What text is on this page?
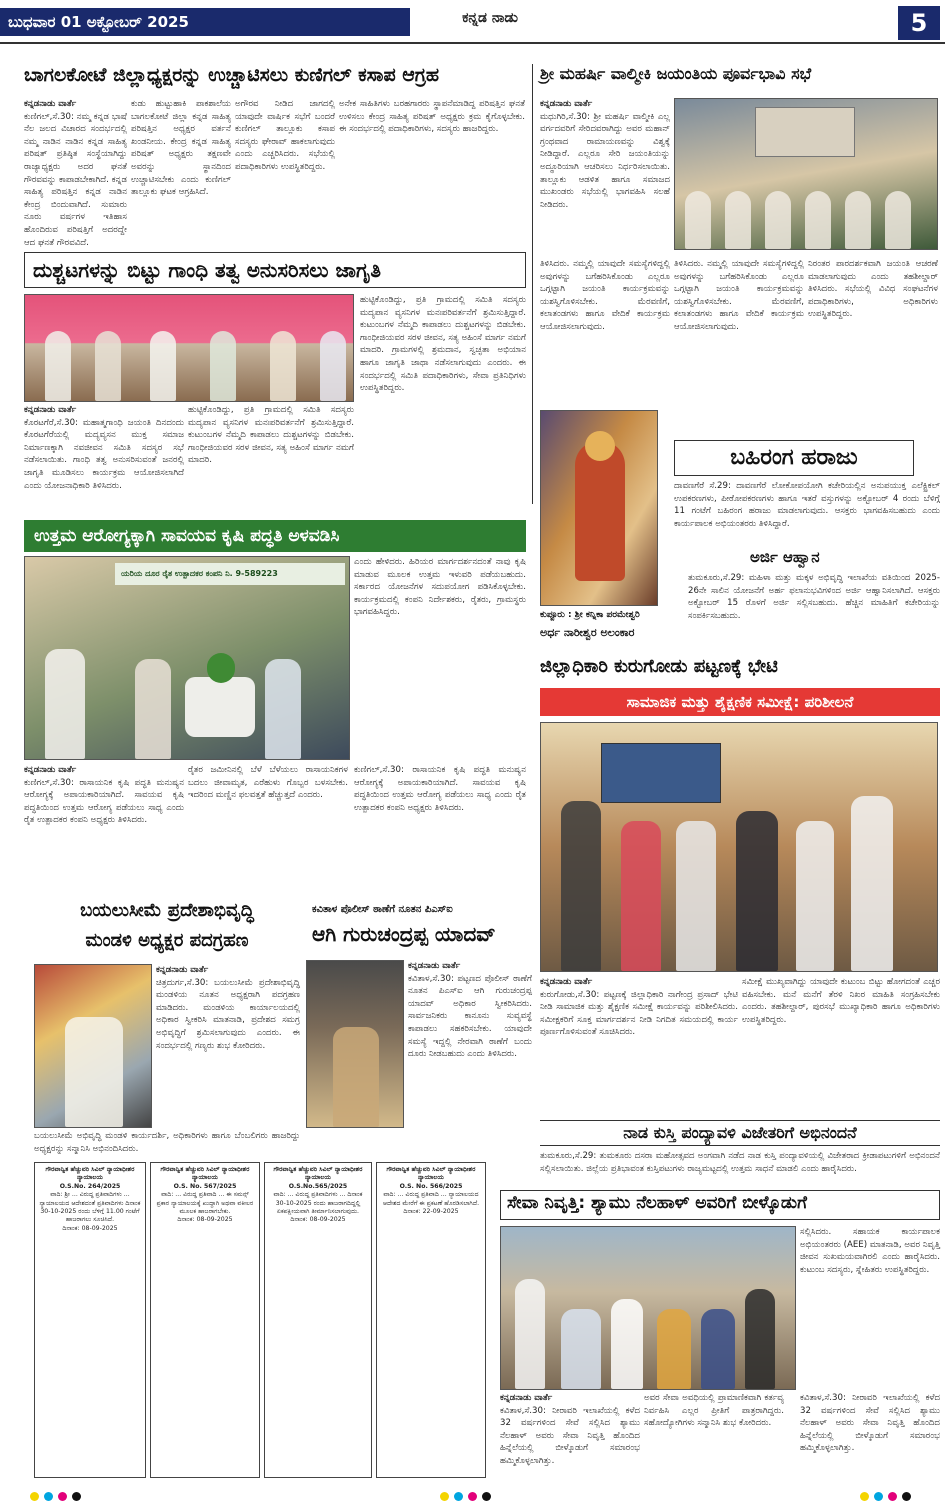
ಬುಧವಾರ 01 ಅಕ್ಟೋಬರ್ 2025	ಕನ್ನಡ ನಾಡು	5
ಬಾಗಲಕೋಟೆ ಜಿಲ್ಲಾಧ್ಯಕ್ಷರನ್ನು ಉಚ್ಚಾಟಿಸಲು ಕುಣಿಗಲ್ ಕಸಾಪ ಆಗ್ರಹ
ಕನ್ನಡನಾಡು ವಾರ್ತೆ
ಕುಣಿಗಲ್,ಸೆ.30: ನಮ್ಮ ಕನ್ನಡ ಭಾಷೆ ನೆಲ ಜಲದ ವಿಚಾರದ ಸಂದರ್ಭದಲ್ಲಿ ನಮ್ಮ ನಾಡಿನ ನಾಡಿನ ಕನ್ನಡ ಸಾಹಿತ್ಯ ಪರಿಷತ್ ಪ್ರತಿಷ್ಠಿತ ಸಂಸ್ಥೆಯಾಗಿದ್ದು ರಾಜ್ಯಾಧ್ಯಕ್ಷರು ಅದರ ಘನತೆ ಗೌರವವನ್ನು ಕಾಪಾಡಬೇಕಾಗಿದೆ. ಕನ್ನಡ ಸಾಹಿತ್ಯ ಪರಿಷತ್ತಿನ ಕನ್ನಡ ನಾಡಿನ ಕೇಂದ್ರ ಬಿಂದುವಾಗಿದೆ. ಸುಮಾರು ನೂರು ವರ್ಷಗಳ ಇತಿಹಾಸ ಹೊಂದಿರುವ ಪರಿಷತ್ತಿಗೆ ಅದರದ್ದೇ ಆದ ಘನತೆ ಗೌರವವಿದೆ.
ಕುಡು ಹುಟ್ಟುಹಾಕಿ ಪಾಕಶಾಲೆಯ ಬಾಗಲಕೋಟೆ ಜಿಲ್ಲಾ ಕನ್ನಡ ಸಾಹಿತ್ಯ ಪರಿಷತ್ತಿನ ಅಧ್ಯಕ್ಷರ ವರ್ತನೆ ಖಂಡನೀಯ. ಕೇಂದ್ರ ಕನ್ನಡ ಸಾಹಿತ್ಯ ಪರಿಷತ್ ಅಧ್ಯಕ್ಷರು ತಕ್ಷಣವೇ ಅವರನ್ನು ಸ್ಥಾನದಿಂದ ಉಚ್ಚಾಟಿಸಬೇಕು ಎಂದು ಕುಣಿಗಲ್ ತಾಲ್ಲೂಕು ಘಟಕ ಆಗ್ರಹಿಸಿದೆ.
ಅಗೌರವ ನೀಡಿದ ಜಾಗದಲ್ಲಿ ಯಾವುದೇ ವಾರ್ಷಿಕ ಸಭೆಗೆ ಬಂದರೆ ಕುಣಿಗಲ್ ತಾಲ್ಲೂಕು ಕಸಾಪ ಸದಸ್ಯರು ಘೇರಾವ್ ಹಾಕಲಾಗುವುದು ಎಂದು ಎಚ್ಚರಿಸಿದರು. ಸಭೆಯಲ್ಲಿ ಪದಾಧಿಕಾರಿಗಳು ಉಪಸ್ಥಿತರಿದ್ದರು.
ಅನೇಕ ಸಾಹಿತಿಗಳು ಬರಹಗಾರರು ಸ್ಥಾಪನೆಮಾಡಿದ್ದ ಪರಿಷತ್ತಿನ ಘನತೆ ಉಳಿಸಲು ಕೇಂದ್ರ ಸಾಹಿತ್ಯ ಪರಿಷತ್ ಅಧ್ಯಕ್ಷರು ಕ್ರಮ ಕೈಗೊಳ್ಳಬೇಕು. ಈ ಸಂದರ್ಭದಲ್ಲಿ ಪದಾಧಿಕಾರಿಗಳು, ಸದಸ್ಯರು ಹಾಜರಿದ್ದರು.
ಶ್ರೀ ಮಹರ್ಷಿ ವಾಲ್ಮೀಕಿ ಜಯಂತಿಯ ಪೂರ್ವಭಾವಿ ಸಭೆ
ಕನ್ನಡನಾಡು ವಾರ್ತೆ
ಮಧುಗಿರಿ,ಸೆ.30: ಶ್ರೀ ಮಹರ್ಷಿ ವಾಲ್ಮೀಕಿ ಎಲ್ಲ ವರ್ಗದವರಿಗೆ ಸೇರಿದವರಾಗಿದ್ದು ಅವರ ಮಹಾನ್ ಗ್ರಂಥವಾದ ರಾಮಾಯಣವನ್ನು ವಿಶ್ವಕ್ಕೆ ನೀಡಿದ್ದಾರೆ. ಎಲ್ಲರೂ ಸೇರಿ ಜಯಂತಿಯನ್ನು ಅದ್ಧೂರಿಯಾಗಿ ಆಚರಿಸಲು ನಿರ್ಧರಿಸಲಾಯಿತು. ತಾಲ್ಲೂಕು ಆಡಳಿತ ಹಾಗೂ ಸಮಾಜದ ಮುಖಂಡರು ಸಭೆಯಲ್ಲಿ ಭಾಗವಹಿಸಿ ಸಲಹೆ ನೀಡಿದರು.
ತಿಳಿಸಿದರು. ನಮ್ಮಲ್ಲಿ ಯಾವುದೇ ಸಮಸ್ಯೆಗಳಿದ್ದಲ್ಲಿ ಅವುಗಳನ್ನು ಬಗೆಹರಿಸಿಕೊಂಡು ಎಲ್ಲರೂ ಒಗ್ಗಟ್ಟಾಗಿ ಜಯಂತಿ ಕಾರ್ಯಕ್ರಮವನ್ನು ಯಶಸ್ವಿಗೊಳಿಸಬೇಕು. ಮೆರವಣಿಗೆ, ಕಲಾತಂಡಗಳು ಹಾಗೂ ವೇದಿಕೆ ಕಾರ್ಯಕ್ರಮ ಆಯೋಜಿಸಲಾಗುವುದು.
ತಿಳಿಸಿದರು. ನಮ್ಮಲ್ಲಿ ಯಾವುದೇ ಸಮಸ್ಯೆಗಳಿದ್ದಲ್ಲಿ ಅವುಗಳನ್ನು ಬಗೆಹರಿಸಿಕೊಂಡು ಎಲ್ಲರೂ ಒಗ್ಗಟ್ಟಾಗಿ ಜಯಂತಿ ಕಾರ್ಯಕ್ರಮವನ್ನು ಯಶಸ್ವಿಗೊಳಿಸಬೇಕು. ಮೆರವಣಿಗೆ, ಕಲಾತಂಡಗಳು ಹಾಗೂ ವೇದಿಕೆ ಕಾರ್ಯಕ್ರಮ ಆಯೋಜಿಸಲಾಗುವುದು.
ನಿರಂತರ ಪಾರದರ್ಶಕವಾಗಿ ಜಯಂತಿ ಆಚರಣೆ ಮಾಡಲಾಗುವುದು ಎಂದು ತಹಶೀಲ್ದಾರ್ ತಿಳಿಸಿದರು. ಸಭೆಯಲ್ಲಿ ವಿವಿಧ ಸಂಘಟನೆಗಳ ಪದಾಧಿಕಾರಿಗಳು, ಅಧಿಕಾರಿಗಳು ಉಪಸ್ಥಿತರಿದ್ದರು.
ದುಶ್ಚಟಗಳನ್ನು ಬಿಟ್ಟು ಗಾಂಧಿ ತತ್ವ ಅನುಸರಿಸಲು ಜಾಗೃತಿ
ಕನ್ನಡನಾಡು ವಾರ್ತೆ
ಕೊರಟಗೆರೆ,ಸೆ.30: ಮಹಾತ್ಮಗಾಂಧಿ ಜಯಂತಿ ದಿನದಂದು ಕೊರಟಗೆರೆಯಲ್ಲಿ ಮದ್ಯವ್ಯಸನ ಮುಕ್ತ ಸಮಾಜ ನಿರ್ಮಾಣಕ್ಕಾಗಿ ನವಜೀವನ ಸಮಿತಿ ಸದಸ್ಯರ ಸಭೆ ನಡೆಸಲಾಯಿತು. ಗಾಂಧಿ ತತ್ವ ಅನುಸರಿಸುವಂತೆ ಜನರಲ್ಲಿ ಜಾಗೃತಿ ಮೂಡಿಸಲು ಕಾರ್ಯಕ್ರಮ ಆಯೋಜಿಸಲಾಗಿದೆ ಎಂದು ಯೋಜನಾಧಿಕಾರಿ ತಿಳಿಸಿದರು.
ಹುಟ್ಟಿಕೊಂಡಿದ್ದು, ಪ್ರತಿ ಗ್ರಾಮದಲ್ಲಿ ಸಮಿತಿ ಸದಸ್ಯರು ಮದ್ಯಪಾನ ವ್ಯಸನಿಗಳ ಮನಃಪರಿವರ್ತನೆಗೆ ಶ್ರಮಿಸುತ್ತಿದ್ದಾರೆ. ಕುಟುಂಬಗಳ ನೆಮ್ಮದಿ ಕಾಪಾಡಲು ದುಶ್ಚಟಗಳನ್ನು ಬಿಡಬೇಕು. ಗಾಂಧೀಜಿಯವರ ಸರಳ ಜೀವನ, ಸತ್ಯ ಅಹಿಂಸೆ ಮಾರ್ಗ ನಮಗೆ ಮಾದರಿ.
ಹುಟ್ಟಿಕೊಂಡಿದ್ದು, ಪ್ರತಿ ಗ್ರಾಮದಲ್ಲಿ ಸಮಿತಿ ಸದಸ್ಯರು ಮದ್ಯಪಾನ ವ್ಯಸನಿಗಳ ಮನಃಪರಿವರ್ತನೆಗೆ ಶ್ರಮಿಸುತ್ತಿದ್ದಾರೆ. ಕುಟುಂಬಗಳ ನೆಮ್ಮದಿ ಕಾಪಾಡಲು ದುಶ್ಚಟಗಳನ್ನು ಬಿಡಬೇಕು. ಗಾಂಧೀಜಿಯವರ ಸರಳ ಜೀವನ, ಸತ್ಯ ಅಹಿಂಸೆ ಮಾರ್ಗ ನಮಗೆ ಮಾದರಿ. ಗ್ರಾಮಗಳಲ್ಲಿ ಶ್ರಮದಾನ, ಸ್ವಚ್ಛತಾ ಅಭಿಯಾನ ಹಾಗೂ ಜಾಗೃತಿ ಜಾಥಾ ನಡೆಸಲಾಗುವುದು ಎಂದರು. ಈ ಸಂದರ್ಭದಲ್ಲಿ ಸಮಿತಿ ಪದಾಧಿಕಾರಿಗಳು, ಸೇವಾ ಪ್ರತಿನಿಧಿಗಳು ಉಪಸ್ಥಿತರಿದ್ದರು.
ಉತ್ತಮ ಆರೋಗ್ಯಕ್ಕಾಗಿ ಸಾವಯವ ಕೃಷಿ ಪದ್ಧತಿ ಅಳವಡಿಸಿ
ಯರಿಯ ದೂರ ರೈತ ಉತ್ಪಾದಕರ ಕಂಪನಿ ನಿ. 9-589223
ಎಂದು ಹೇಳಿದರು. ಹಿರಿಯರ ಮಾರ್ಗದರ್ಶನದಂತೆ ನಾವು ಕೃಷಿ ಮಾಡುವ ಮೂಲಕ ಉತ್ತಮ ಇಳುವರಿ ಪಡೆಯಬಹುದು. ಸರ್ಕಾರದ ಯೋಜನೆಗಳ ಸದುಪಯೋಗ ಪಡಿಸಿಕೊಳ್ಳಬೇಕು. ಕಾರ್ಯಕ್ರಮದಲ್ಲಿ ಕಂಪನಿ ನಿರ್ದೇಶಕರು, ರೈತರು, ಗ್ರಾಮಸ್ಥರು ಭಾಗವಹಿಸಿದ್ದರು.
ಕನ್ನಡನಾಡು ವಾರ್ತೆ
ಕುಣಿಗಲ್,ಸೆ.30: ರಾಸಾಯನಿಕ ಕೃಷಿ ಪದ್ಧತಿ ಮನುಷ್ಯನ ಆರೋಗ್ಯಕ್ಕೆ ಅಪಾಯಕಾರಿಯಾಗಿದೆ. ಸಾವಯವ ಕೃಷಿ ಪದ್ಧತಿಯಿಂದ ಉತ್ತಮ ಆರೋಗ್ಯ ಪಡೆಯಲು ಸಾಧ್ಯ ಎಂದು ರೈತ ಉತ್ಪಾದಕರ ಕಂಪನಿ ಅಧ್ಯಕ್ಷರು ತಿಳಿಸಿದರು.
ರೈತರ ಜಮೀನಿನಲ್ಲಿ ಬೆಳೆ ಬೆಳೆಯಲು ರಾಸಾಯನಿಕಗಳ ಬದಲು ಜೀವಾಮೃತ, ಎರೆಹುಳು ಗೊಬ್ಬರ ಬಳಸಬೇಕು. ಇದರಿಂದ ಮಣ್ಣಿನ ಫಲವತ್ತತೆ ಹೆಚ್ಚುತ್ತದೆ ಎಂದರು.
ಕುಣಿಗಲ್,ಸೆ.30: ರಾಸಾಯನಿಕ ಕೃಷಿ ಪದ್ಧತಿ ಮನುಷ್ಯನ ಆರೋಗ್ಯಕ್ಕೆ ಅಪಾಯಕಾರಿಯಾಗಿದೆ. ಸಾವಯವ ಕೃಷಿ ಪದ್ಧತಿಯಿಂದ ಉತ್ತಮ ಆರೋಗ್ಯ ಪಡೆಯಲು ಸಾಧ್ಯ ಎಂದು ರೈತ ಉತ್ಪಾದಕರ ಕಂಪನಿ ಅಧ್ಯಕ್ಷರು ತಿಳಿಸಿದರು.
ಕುಪ್ಪೂರು : ಶ್ರೀ ಕನ್ನಿಕಾ ಪರಮೇಶ್ವರಿ
ಅರ್ಧ ನಾರೀಶ್ವರ ಅಲಂಕಾರ
ಬಹಿರಂಗ ಹರಾಜು
ದಾವಣಗೆರೆ ಸೆ.29: ದಾವಣಗೆರೆ ಲೋಕೋಪಯೋಗಿ ಕಚೇರಿಯಲ್ಲಿನ ಅನುಪಯುಕ್ತ ಎಲೆಕ್ಟ್ರಿಕಲ್ ಉಪಕರಣಗಳು, ಪೀಠೋಪಕರಣಗಳು ಹಾಗೂ ಇತರೆ ವಸ್ತುಗಳನ್ನು ಅಕ್ಟೋಬರ್ 4 ರಂದು ಬೆಳಿಗ್ಗೆ 11 ಗಂಟೆಗೆ ಬಹಿರಂಗ ಹರಾಜು ಮಾಡಲಾಗುವುದು. ಆಸಕ್ತರು ಭಾಗವಹಿಸಬಹುದು ಎಂದು ಕಾರ್ಯಪಾಲಕ ಅಭಿಯಂತರರು ತಿಳಿಸಿದ್ದಾರೆ.
ಅರ್ಜಿ ಆಹ್ವಾನ
ತುಮಕೂರು,ಸೆ.29: ಮಹಿಳಾ ಮತ್ತು ಮಕ್ಕಳ ಅಭಿವೃದ್ಧಿ ಇಲಾಖೆಯ ವತಿಯಿಂದ 2025-26ನೇ ಸಾಲಿನ ಯೋಜನೆಗೆ ಅರ್ಹ ಫಲಾನುಭವಿಗಳಿಂದ ಅರ್ಜಿ ಆಹ್ವಾನಿಸಲಾಗಿದೆ. ಆಸಕ್ತರು ಅಕ್ಟೋಬರ್ 15 ರೊಳಗೆ ಅರ್ಜಿ ಸಲ್ಲಿಸಬಹುದು. ಹೆಚ್ಚಿನ ಮಾಹಿತಿಗೆ ಕಚೇರಿಯನ್ನು ಸಂಪರ್ಕಿಸಬಹುದು.
ಜಿಲ್ಲಾಧಿಕಾರಿ ಕುರುಗೋಡು ಪಟ್ಟಣಕ್ಕೆ ಭೇಟಿ
ಸಾಮಾಜಿಕ ಮತ್ತು ಶೈಕ್ಷಣಿಕ ಸಮೀಕ್ಷೆ: ಪರಿಶೀಲನೆ
ಕನ್ನಡನಾಡು ವಾರ್ತೆ
ಕುರುಗೋಡು,ಸೆ.30: ಪಟ್ಟಣಕ್ಕೆ ಜಿಲ್ಲಾಧಿಕಾರಿ ನಾಗೇಂದ್ರ ಪ್ರಸಾದ್ ಭೇಟಿ ನೀಡಿ ಸಾಮಾಜಿಕ ಮತ್ತು ಶೈಕ್ಷಣಿಕ ಸಮೀಕ್ಷೆ ಕಾರ್ಯವನ್ನು ಪರಿಶೀಲಿಸಿದರು. ಸಮೀಕ್ಷಕರಿಗೆ ಸೂಕ್ತ ಮಾರ್ಗದರ್ಶನ ನೀಡಿ ನಿಗದಿತ ಸಮಯದಲ್ಲಿ ಕಾರ್ಯ ಪೂರ್ಣಗೊಳಿಸುವಂತೆ ಸೂಚಿಸಿದರು.
ಸಮೀಕ್ಷೆ ಮುಖ್ಯವಾಗಿದ್ದು ಯಾವುದೇ ಕುಟುಂಬ ಬಿಟ್ಟು ಹೋಗದಂತೆ ಎಚ್ಚರ ವಹಿಸಬೇಕು. ಮನೆ ಮನೆಗೆ ತೆರಳಿ ನಿಖರ ಮಾಹಿತಿ ಸಂಗ್ರಹಿಸಬೇಕು ಎಂದರು. ತಹಶೀಲ್ದಾರ್, ಪುರಸಭೆ ಮುಖ್ಯಾಧಿಕಾರಿ ಹಾಗೂ ಅಧಿಕಾರಿಗಳು ಉಪಸ್ಥಿತರಿದ್ದರು.
ಬಯಲುಸೀಮೆ ಪ್ರದೇಶಾಭಿವೃದ್ಧಿ
ಮಂಡಳಿ ಅಧ್ಯಕ್ಷರ ಪದಗ್ರಹಣ
ಕನ್ನಡನಾಡು ವಾರ್ತೆ
ಚಿತ್ರದುರ್ಗ,ಸೆ.30: ಬಯಲುಸೀಮೆ ಪ್ರದೇಶಾಭಿವೃದ್ಧಿ ಮಂಡಳಿಯ ನೂತನ ಅಧ್ಯಕ್ಷರಾಗಿ ಪದಗ್ರಹಣ ಮಾಡಿದರು. ಮಂಡಳಿಯ ಕಾರ್ಯಾಲಯದಲ್ಲಿ ಅಧಿಕಾರ ಸ್ವೀಕರಿಸಿ ಮಾತನಾಡಿ, ಪ್ರದೇಶದ ಸಮಗ್ರ ಅಭಿವೃದ್ಧಿಗೆ ಶ್ರಮಿಸಲಾಗುವುದು ಎಂದರು. ಈ ಸಂದರ್ಭದಲ್ಲಿ ಗಣ್ಯರು ಶುಭ ಕೋರಿದರು.
ಬಯಲುಸೀಮೆ ಅಭಿವೃದ್ಧಿ ಮಂಡಳಿ ಕಾರ್ಯದರ್ಶಿ, ಅಧಿಕಾರಿಗಳು ಹಾಗೂ ಬೆಂಬಲಿಗರು ಹಾಜರಿದ್ದು ಅಧ್ಯಕ್ಷರನ್ನು ಸನ್ಮಾನಿಸಿ ಅಭಿನಂದಿಸಿದರು.
ಕವಿತಾಳ ಪೊಲೀಸ್ ಠಾಣೆಗೆ ನೂತನ ಪಿಎಸ್‌ಐ
ಆಗಿ ಗುರುಚಂದ್ರಪ್ಪ ಯಾದವ್
ಕನ್ನಡನಾಡು ವಾರ್ತೆ
ಕವಿತಾಳ,ಸೆ.30: ಪಟ್ಟಣದ ಪೊಲೀಸ್ ಠಾಣೆಗೆ ನೂತನ ಪಿಎಸ್‌ಐ ಆಗಿ ಗುರುಚಂದ್ರಪ್ಪ ಯಾದವ್ ಅಧಿಕಾರ ಸ್ವೀಕರಿಸಿದರು. ಸಾರ್ವಜನಿಕರು ಕಾನೂನು ಸುವ್ಯವಸ್ಥೆ ಕಾಪಾಡಲು ಸಹಕರಿಸಬೇಕು. ಯಾವುದೇ ಸಮಸ್ಯೆ ಇದ್ದಲ್ಲಿ ನೇರವಾಗಿ ಠಾಣೆಗೆ ಬಂದು ದೂರು ನೀಡಬಹುದು ಎಂದು ತಿಳಿಸಿದರು.
ಗೌರವಾನ್ವಿತ ಹೆಚ್ಚುವರಿ ಸಿವಿಲ್ ನ್ಯಾಯಾಧೀಶರ ನ್ಯಾಯಾಲಯ
O.S.No. 264/2025
ವಾದಿ: ಶ್ರೀ ... ವಿರುದ್ಧ ಪ್ರತಿವಾದಿಗಳು ... ನ್ಯಾಯಾಲಯದ ಆದೇಶದಂತೆ ಪ್ರತಿವಾದಿಗಳು ದಿನಾಂಕ 30-10-2025 ರಂದು ಬೆಳಿಗ್ಗೆ 11.00 ಗಂಟೆಗೆ ಹಾಜರಾಗಲು ಸೂಚಿಸಿದೆ.
ದಿನಾಂಕ: 08-09-2025
ಗೌರವಾನ್ವಿತ ಹೆಚ್ಚುವರಿ ಸಿವಿಲ್ ನ್ಯಾಯಾಧೀಶರ ನ್ಯಾಯಾಲಯ
O.S. No. 567/2025
ವಾದಿ: ... ವಿರುದ್ಧ ಪ್ರತಿವಾದಿ ... ಈ ಸಮನ್ಸ್ ಪ್ರಕಾರ ನ್ಯಾಯಾಲಯಕ್ಕೆ ಖುದ್ದಾಗಿ ಅಥವಾ ವಕೀಲರ ಮೂಲಕ ಹಾಜರಾಗಬೇಕು.
ದಿನಾಂಕ: 08-09-2025
ಗೌರವಾನ್ವಿತ ಹೆಚ್ಚುವರಿ ಸಿವಿಲ್ ನ್ಯಾಯಾಧೀಶರ ನ್ಯಾಯಾಲಯ
O.S.No.565/2025
ವಾದಿ: ... ವಿರುದ್ಧ ಪ್ರತಿವಾದಿಗಳು ... ದಿನಾಂಕ 30-10-2025 ರಂದು ಹಾಜರಾಗದಿದ್ದಲ್ಲಿ ಏಕಪಕ್ಷೀಯವಾಗಿ ತೀರ್ಮಾನಿಸಲಾಗುವುದು.
ದಿನಾಂಕ: 08-09-2025
ಗೌರವಾನ್ವಿತ ಹೆಚ್ಚುವರಿ ಸಿವಿಲ್ ನ್ಯಾಯಾಧೀಶರ ನ್ಯಾಯಾಲಯ
O.S. No. 566/2025
ವಾದಿ: ... ವಿರುದ್ಧ ಪ್ರತಿವಾದಿ ... ನ್ಯಾಯಾಲಯದ ಆದೇಶದ ಮೇರೆಗೆ ಈ ಪ್ರಕಟಣೆ ಹೊರಡಿಸಲಾಗಿದೆ.
ದಿನಾಂಕ: 22-09-2025
ನಾಡ ಕುಸ್ತಿ ಪಂದ್ಯಾವಳಿ ವಿಜೇತರಿಗೆ ಅಭಿನಂದನೆ
ತುಮಕೂರು,ಸೆ.29: ತುಮಕೂರು ದಸರಾ ಮಹೋತ್ಸವದ ಅಂಗವಾಗಿ ನಡೆದ ನಾಡ ಕುಸ್ತಿ ಪಂದ್ಯಾವಳಿಯಲ್ಲಿ ವಿಜೇತರಾದ ಕ್ರೀಡಾಪಟುಗಳಿಗೆ ಅಭಿನಂದನೆ ಸಲ್ಲಿಸಲಾಯಿತು. ಜಿಲ್ಲೆಯ ಪ್ರತಿಭಾವಂತ ಕುಸ್ತಿಪಟುಗಳು ರಾಜ್ಯಮಟ್ಟದಲ್ಲಿ ಉತ್ತಮ ಸಾಧನೆ ಮಾಡಲಿ ಎಂದು ಹಾರೈಸಿದರು.
ಸೇವಾ ನಿವೃತ್ತಿ: ಶ್ಯಾಮು ನೆಲಹಾಳ್ ಅವರಿಗೆ ಬೀಳ್ಕೊಡುಗೆ
ಸಲ್ಲಿಸಿದರು. ಸಹಾಯಕ ಕಾರ್ಯಪಾಲಕ ಅಭಿಯಂತರರು (AEE) ಮಾತನಾಡಿ, ಅವರ ನಿವೃತ್ತಿ ಜೀವನ ಸುಖಮಯವಾಗಿರಲಿ ಎಂದು ಹಾರೈಸಿದರು. ಕುಟುಂಬ ಸದಸ್ಯರು, ಸ್ನೇಹಿತರು ಉಪಸ್ಥಿತರಿದ್ದರು.
ಕನ್ನಡನಾಡು ವಾರ್ತೆ
ಕವಿತಾಳ,ಸೆ.30: ನೀರಾವರಿ ಇಲಾಖೆಯಲ್ಲಿ ಕಳೆದ 32 ವರ್ಷಗಳಿಂದ ಸೇವೆ ಸಲ್ಲಿಸಿದ ಶ್ಯಾಮು ನೆಲಹಾಳ್ ಅವರು ಸೇವಾ ನಿವೃತ್ತಿ ಹೊಂದಿದ ಹಿನ್ನೆಲೆಯಲ್ಲಿ ಬೀಳ್ಕೊಡುಗೆ ಸಮಾರಂಭ ಹಮ್ಮಿಕೊಳ್ಳಲಾಗಿತ್ತು.
ಅವರ ಸೇವಾ ಅವಧಿಯಲ್ಲಿ ಪ್ರಾಮಾಣಿಕವಾಗಿ ಕರ್ತವ್ಯ ನಿರ್ವಹಿಸಿ ಎಲ್ಲರ ಪ್ರೀತಿಗೆ ಪಾತ್ರರಾಗಿದ್ದರು. ಸಹೋದ್ಯೋಗಿಗಳು ಸನ್ಮಾನಿಸಿ ಶುಭ ಕೋರಿದರು.
ಕವಿತಾಳ,ಸೆ.30: ನೀರಾವರಿ ಇಲಾಖೆಯಲ್ಲಿ ಕಳೆದ 32 ವರ್ಷಗಳಿಂದ ಸೇವೆ ಸಲ್ಲಿಸಿದ ಶ್ಯಾಮು ನೆಲಹಾಳ್ ಅವರು ಸೇವಾ ನಿವೃತ್ತಿ ಹೊಂದಿದ ಹಿನ್ನೆಲೆಯಲ್ಲಿ ಬೀಳ್ಕೊಡುಗೆ ಸಮಾರಂಭ ಹಮ್ಮಿಕೊಳ್ಳಲಾಗಿತ್ತು.
